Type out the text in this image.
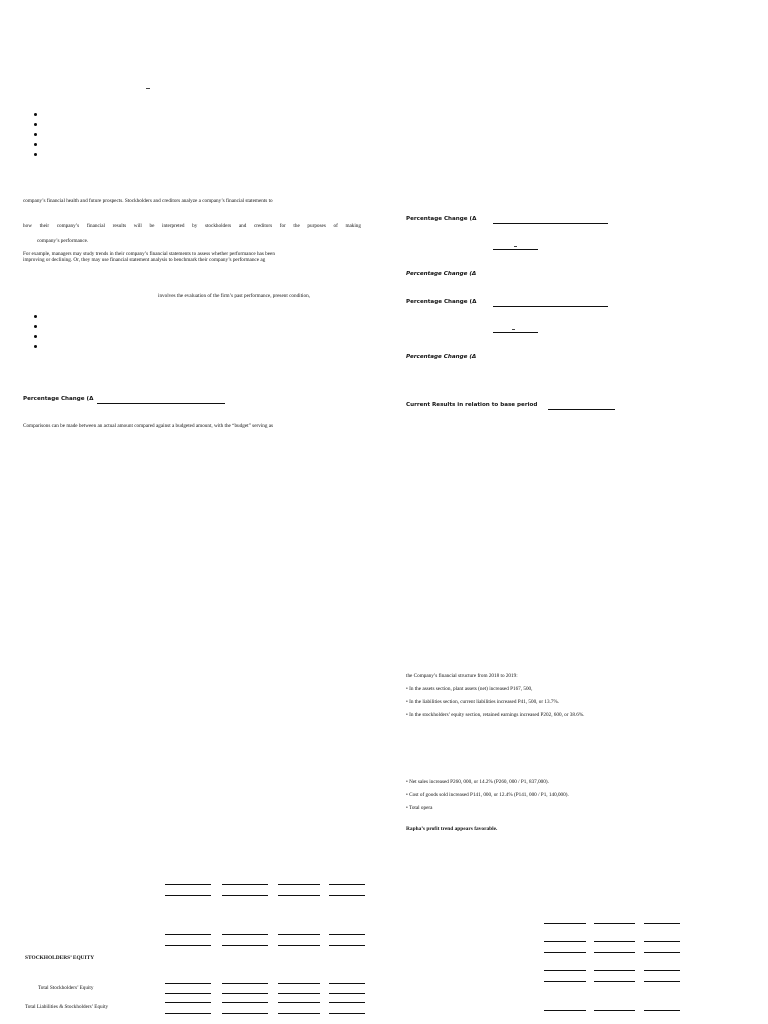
company’s financial health and future prospects. Stockholders and creditors analyze a company’s financial statements to
how their company’s financial results will be interpreted by stockholders and creditors for the purposes of making
company’s performance.
For example, managers may study trends in their company’s financial statements to assess whether performance has been
improving or declining. Or, they may use financial statement analysis to benchmark their company’s performance ag
involves the evaluation of the firm’s past performance, present condition,
Percentage Change (Δ
Comparisons can be made between an actual amount compared against a budgeted amount, with the “budget” serving as
Percentage Change (Δ
Percentage Change (Δ
Percentage Change (Δ
Percentage Change (Δ
Current Results in relation to base period
the Company’s financial structure from 2018 to 2019:
• In the assets section, plant assets (net) increased P167, 500,
• In the liabilities section, current liabilities increased P41, 500, or 13.7%.
• In the stockholders’ equity section, retained earnings increased P202, 600, or 38.6%.
• Net sales increased P260, 000, or 14.2% (P260, 000 / P1, 837,000).
• Cost of goods sold increased P141, 000, or 12.4% (P141, 000 / P1, 140,000).
• Total opera
Rapha’s profit trend appears favorable.
STOCKHOLDERS’ EQUITY
Total Stockholders’ Equity
Total Liabilities & Stockholders’ Equity
